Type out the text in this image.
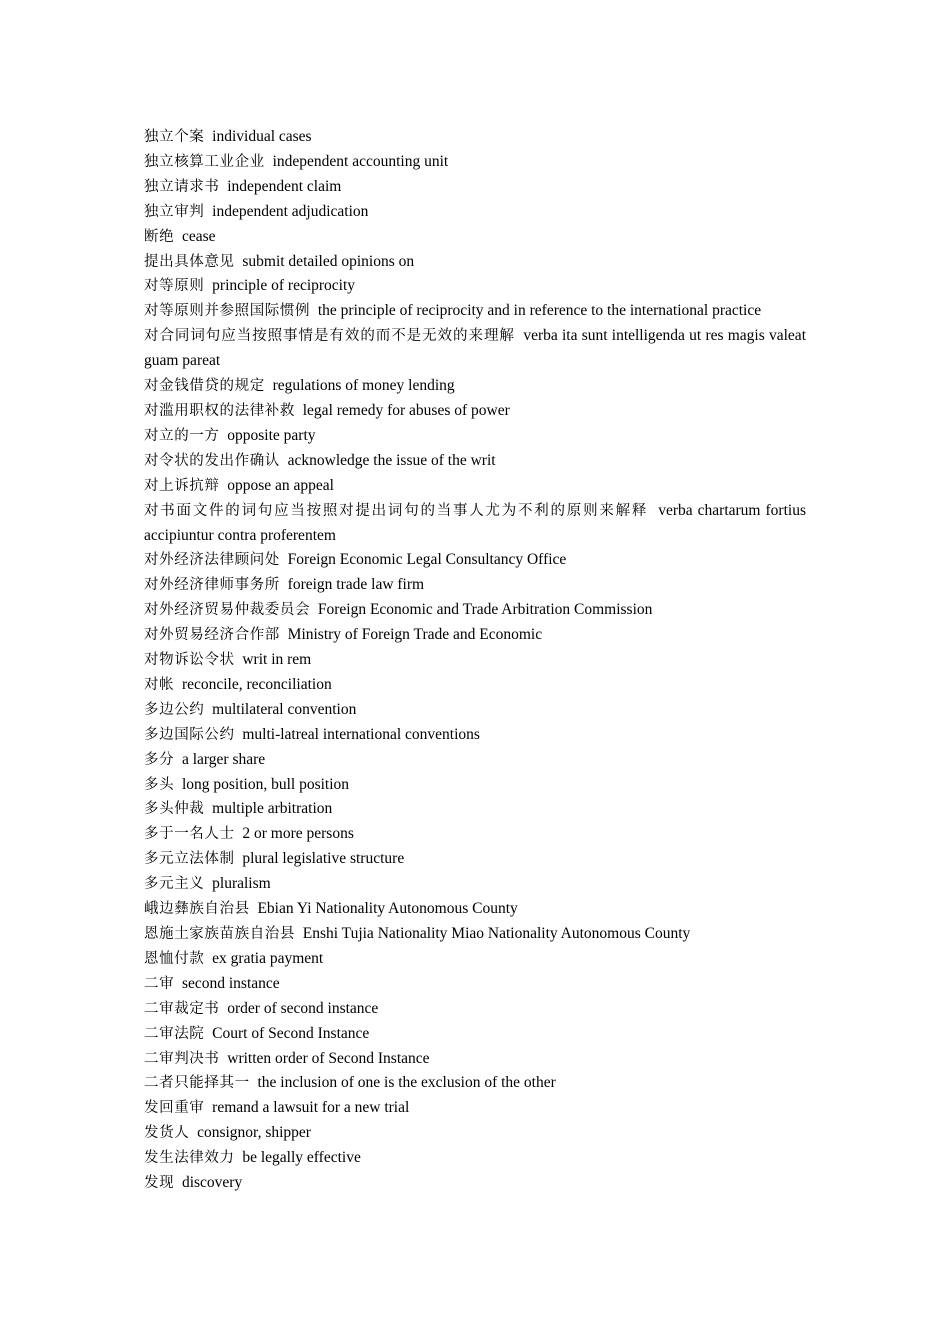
独立个案 individual cases

独立核算工业企业 independent accounting unit

独立请求书 independent claim

独立审判 independent adjudication

断绝 cease

提出具体意见 submit detailed opinions on

对等原则 principle of reciprocity

对等原则并参照国际惯例 the principle of reciprocity and in reference to the international practice

对合同词句应当按照事情是有效的而不是无效的来理解 verba ita sunt intelligenda ut res magis valeat guam pareat

对金钱借贷的规定 regulations of money lending

对滥用职权的法律补救 legal remedy for abuses of power

对立的一方 opposite party

对令状的发出作确认 acknowledge the issue of the writ

对上诉抗辩 oppose an appeal

对书面文件的词句应当按照对提出词句的当事人尤为不利的原则来解释 verba chartarum fortius accipiuntur contra proferentem

对外经济法律顾问处 Foreign Economic Legal Consultancy Office

对外经济律师事务所 foreign trade law firm

对外经济贸易仲裁委员会 Foreign Economic and Trade Arbitration Commission

对外贸易经济合作部 Ministry of Foreign Trade and Economic

对物诉讼令状 writ in rem

对帐 reconcile, reconciliation

多边公约 multilateral convention

多边国际公约 multi-latreal international conventions

多分 a larger share

多头 long position, bull position

多头仲裁 multiple arbitration

多于一名人士 2 or more persons

多元立法体制 plural legislative structure

多元主义 pluralism

峨边彝族自治县 Ebian Yi Nationality Autonomous County

恩施土家族苗族自治县 Enshi Tujia Nationality Miao Nationality Autonomous County

恩恤付款 ex gratia payment

二审 second instance

二审裁定书 order of second instance

二审法院 Court of Second Instance

二审判决书 written order of Second Instance

二者只能择其一 the inclusion of one is the exclusion of the other

发回重审 remand a lawsuit for a new trial

发货人 consignor, shipper

发生法律效力 be legally effective

发现 discovery
